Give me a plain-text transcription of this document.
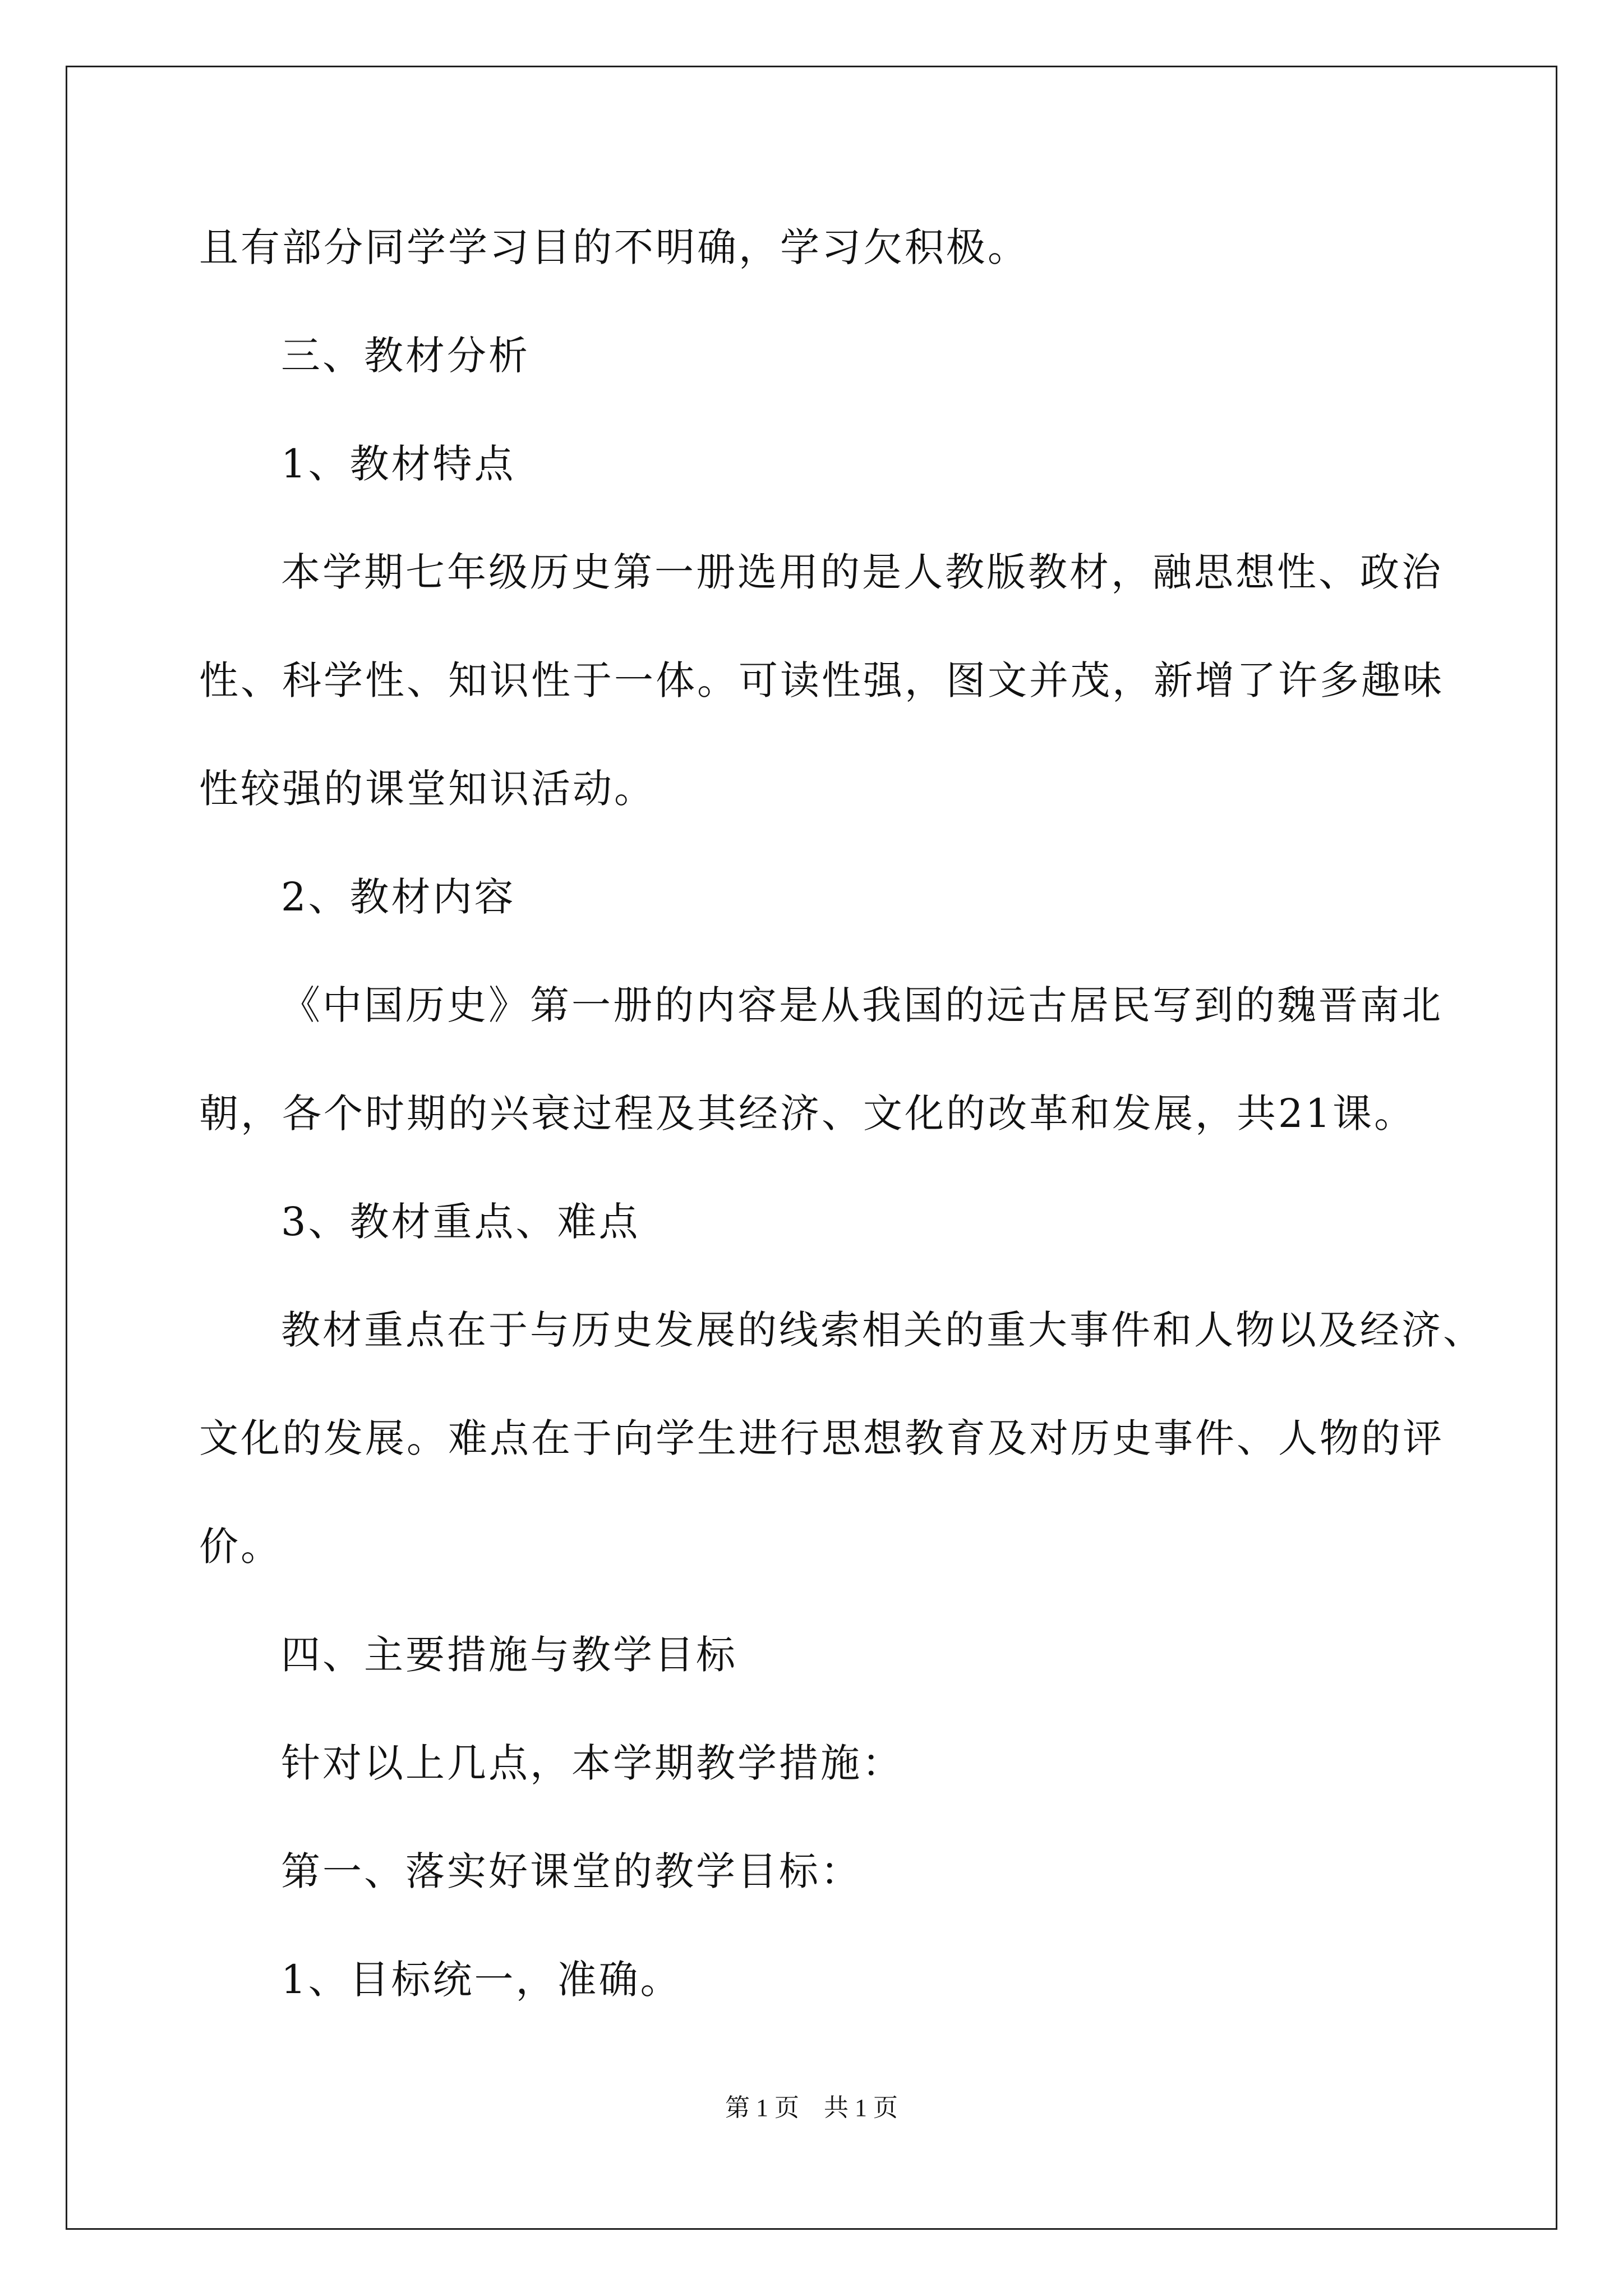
且有部分同学学习目的不明确，学习欠积极。
三、教材分析
1、教材特点
本学期七年级历史第一册选用的是人教版教材，融思想性、政治
性、科学性、知识性于一体。可读性强，图文并茂，新增了许多趣味
性较强的课堂知识活动。
2、教材内容
《中国历史》第一册的内容是从我国的远古居民写到的魏晋南北
朝，各个时期的兴衰过程及其经济、文化的改革和发展，共21课。
3、教材重点、难点
教材重点在于与历史发展的线索相关的重大事件和人物以及经济、
文化的发展。难点在于向学生进行思想教育及对历史事件、人物的评
价。
四、主要措施与教学目标
针对以上几点，本学期教学措施：
第一、落实好课堂的教学目标：
1、目标统一，准确。
第 1 页　共 1 页
